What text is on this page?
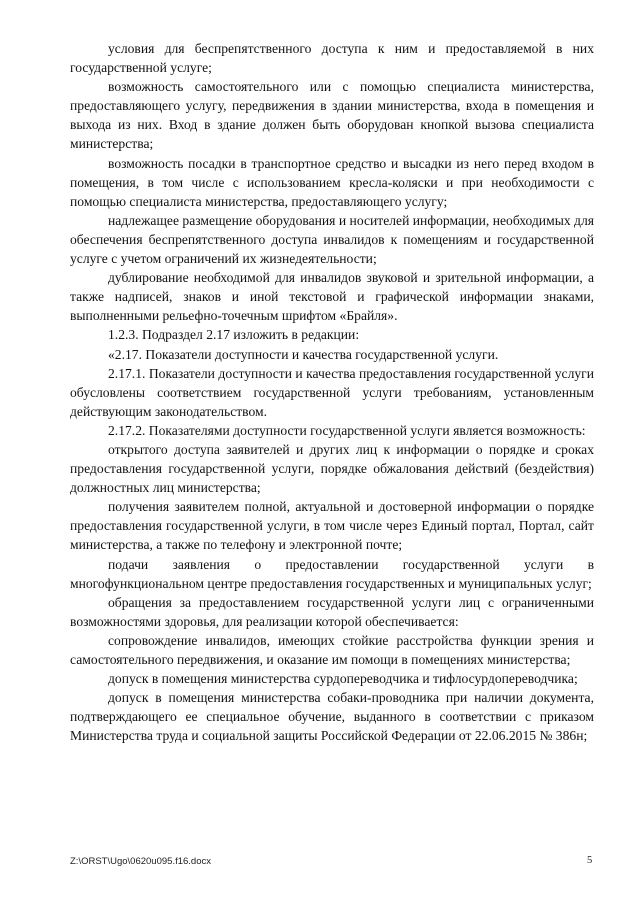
условия для беспрепятственного доступа к ним и предоставляемой в них государственной услуге;

возможность самостоятельного или с помощью специалиста министерства, предоставляющего услугу, передвижения в здании министерства, входа в помещения и выхода из них. Вход в здание должен быть оборудован кнопкой вызова специалиста министерства;

возможность посадки в транспортное средство и высадки из него перед входом в помещения, в том числе с использованием кресла-коляски и при необходимости с помощью специалиста министерства, предоставляющего услугу;

надлежащее размещение оборудования и носителей информации, необходимых для обеспечения беспрепятственного доступа инвалидов к помещениям и государственной услуге с учетом ограничений их жизнедеятельности;

дублирование необходимой для инвалидов звуковой и зрительной информации, а также надписей, знаков и иной текстовой и графической информации знаками, выполненными рельефно-точечным шрифтом «Брайля».

1.2.3. Подраздел 2.17 изложить в редакции:

«2.17. Показатели доступности и качества государственной услуги.

2.17.1. Показатели доступности и качества предоставления государственной услуги обусловлены соответствием государственной услуги требованиям, установленным действующим законодательством.

2.17.2. Показателями доступности государственной услуги является возможность:

открытого доступа заявителей и других лиц к информации о порядке и сроках предоставления государственной услуги, порядке обжалования действий (бездействия) должностных лиц министерства;

получения заявителем полной, актуальной и достоверной информации о порядке предоставления государственной услуги, в том числе через Единый портал, Портал, сайт министерства, а также по телефону и электронной почте;

подачи заявления о предоставлении государственной услуги в многофункциональном центре предоставления государственных и муниципальных услуг;

обращения за предоставлением государственной услуги лиц с ограниченными возможностями здоровья, для реализации которой обеспечивается:

сопровождение инвалидов, имеющих стойкие расстройства функции зрения и самостоятельного передвижения, и оказание им помощи в помещениях министерства;

допуск в помещения министерства сурдопереводчика и тифлосурдопереводчика;

допуск в помещения министерства собаки-проводника при наличии документа, подтверждающего ее специальное обучение, выданного в соответствии с приказом Министерства труда и социальной защиты Российской Федерации от 22.06.2015 № 386н;

Z:\ORST\Ugo\0620u095.f16.docx	5
